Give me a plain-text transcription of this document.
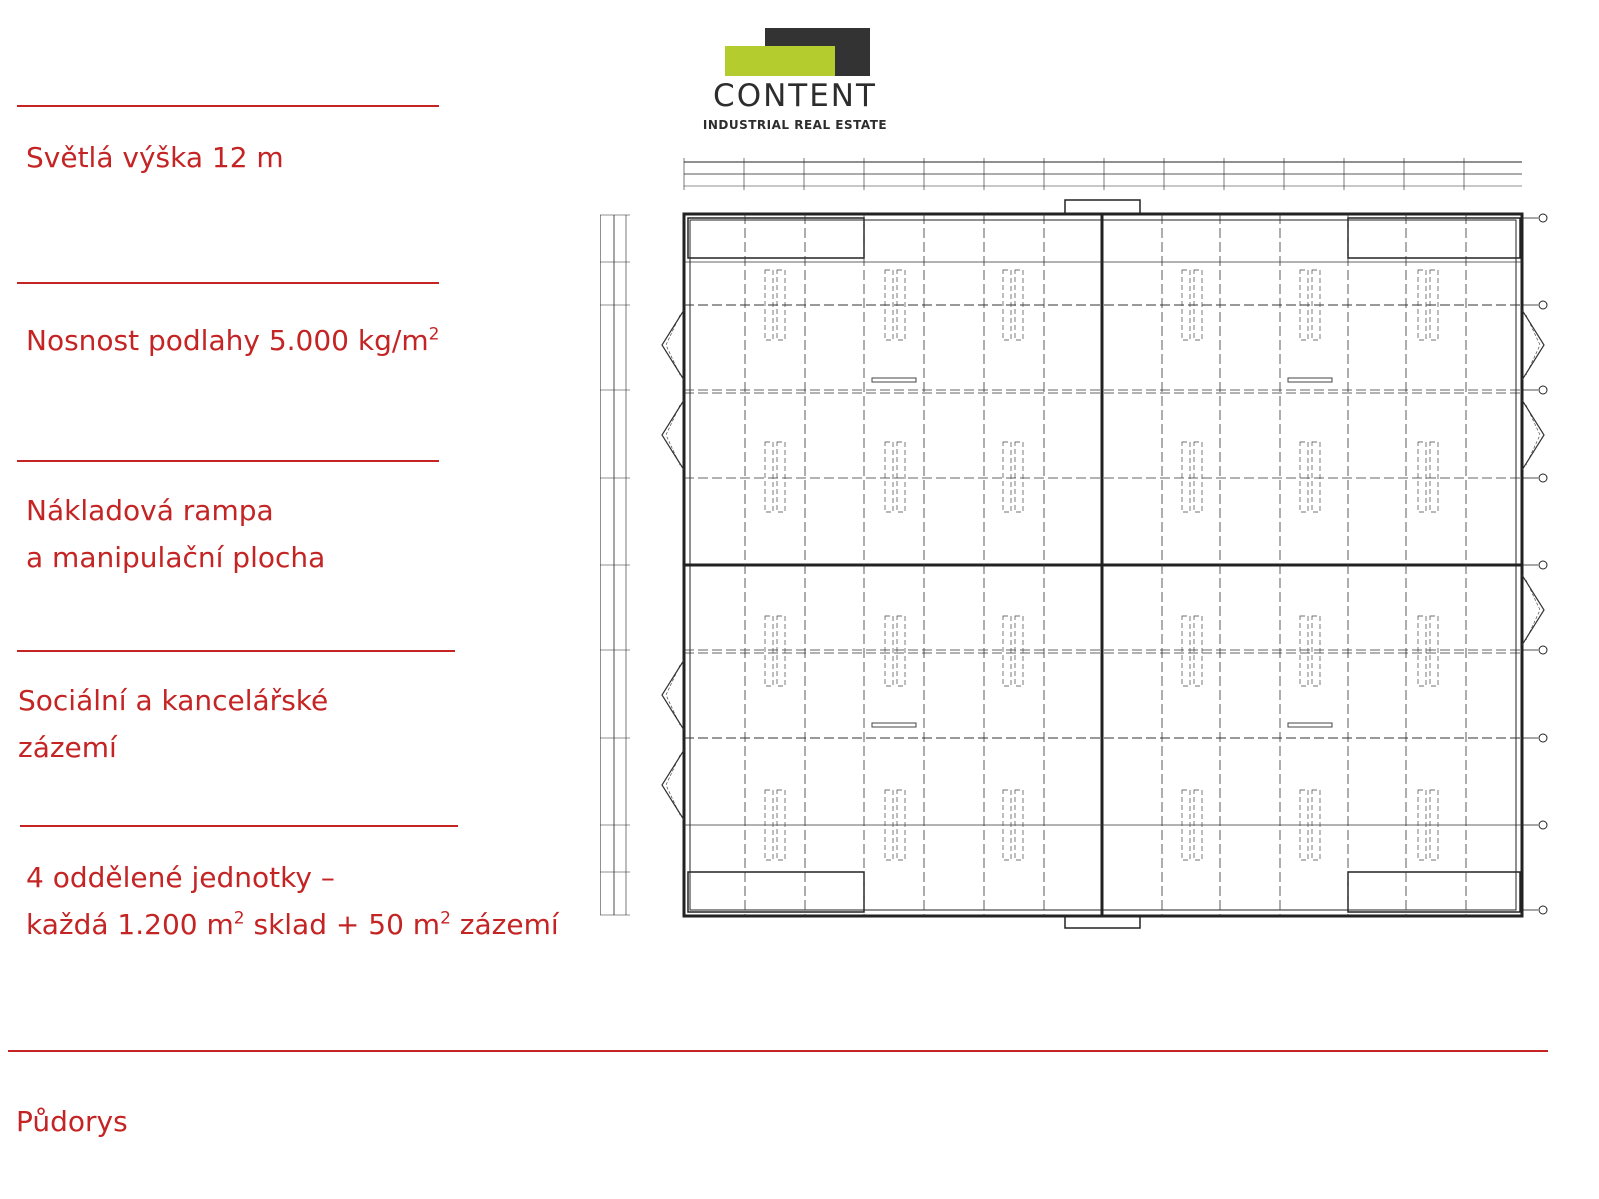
CONTENT
INDUSTRIAL REAL ESTATE
Světlá výška 12 m
Nosnost podlahy 5.000 $kg/m^2$
Nákladová rampa
a manipulační plocha
Sociální a kancelářské
zázemí
4 oddělené jednotky –
každá 1.200 $m^2$ sklad + 50 $m^2$ zázemí
Půdorys
